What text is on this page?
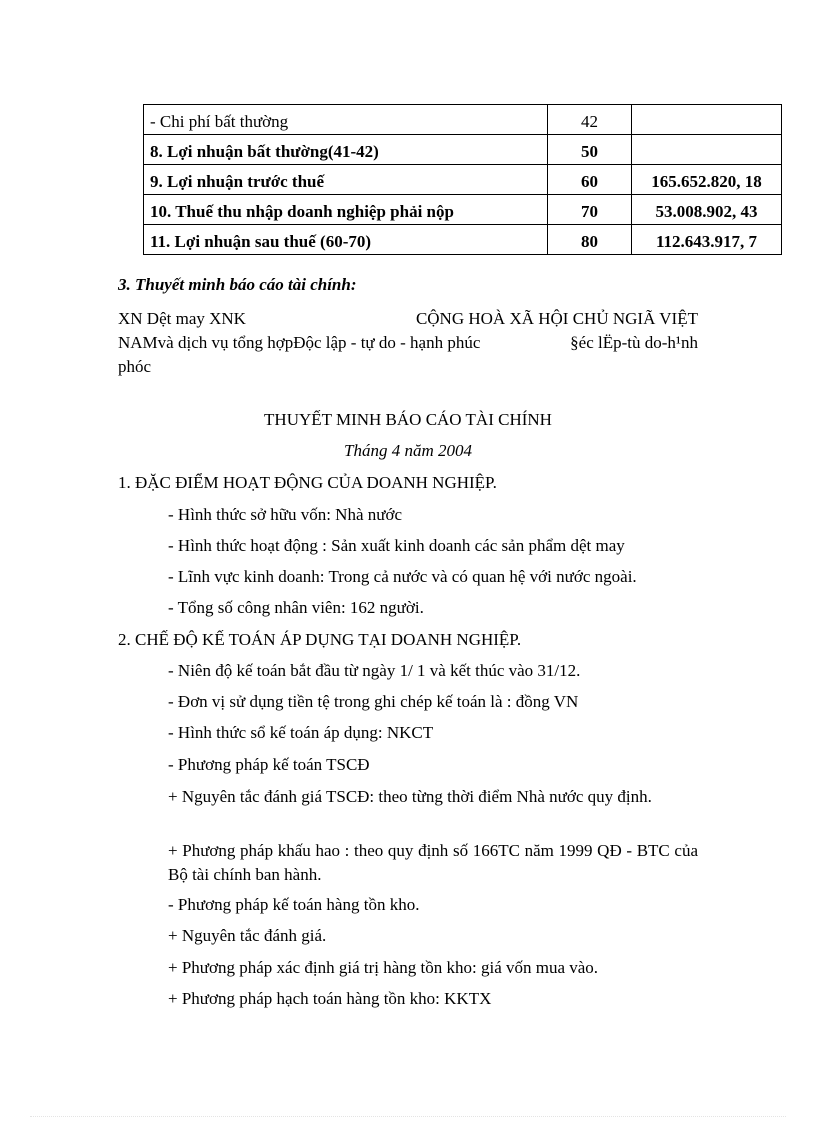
- Chi phí bất thường	42	
8. Lợi nhuận bất thường(41-42)	50	
9. Lợi nhuận trước thuế	60	165.652.820, 18
10. Thuế thu nhập doanh nghiệp phải nộp	70	53.008.902, 43
11. Lợi nhuận sau thuế (60-70)	80	112.643.917, 7
3. Thuyết minh báo cáo tài chính:
XN Dệt may XNK	CỘNG HOÀ XÃ HỘI CHỦ NGIÃ VIỆT
NAMvà dịch vụ tổng hợpĐộc lập - tự do - hạnh phúc	§éc lËp-tù do-h¹nh
phóc
THUYẾT MINH BÁO CÁO TÀI CHÍNH
Tháng 4 năm 2004
1. ĐẶC ĐIỂM HOẠT ĐỘNG CỦA DOANH NGHIỆP.
- Hình thức sở hữu vốn: Nhà nước
- Hình thức hoạt động : Sản xuất kinh doanh các sản phẩm dệt may
- Lĩnh vực kinh doanh: Trong cả nước và có quan hệ với nước ngoài.
- Tổng số công nhân viên: 162 người.
2. CHẾ ĐỘ KẾ TOÁN ÁP DỤNG TẠI DOANH NGHIỆP.
- Niên độ kế toán bắt đầu từ ngày 1/ 1 và kết thúc vào 31/12.
- Đơn vị sử dụng tiền tệ trong ghi chép kế toán là : đồng VN
- Hình thức sổ kế toán áp dụng: NKCT
- Phương pháp kế toán TSCĐ
+ Nguyên tắc đánh giá TSCĐ: theo từng thời điểm Nhà nước quy định.
+ Phương pháp khấu hao : theo quy định số 166TC năm 1999 QĐ - BTC của Bộ tài chính ban hành.
- Phương pháp kế toán hàng tồn kho.
+ Nguyên tắc đánh giá.
+ Phương pháp xác định giá trị hàng tồn kho: giá vốn mua vào.
+ Phương pháp hạch toán hàng tồn kho: KKTX
